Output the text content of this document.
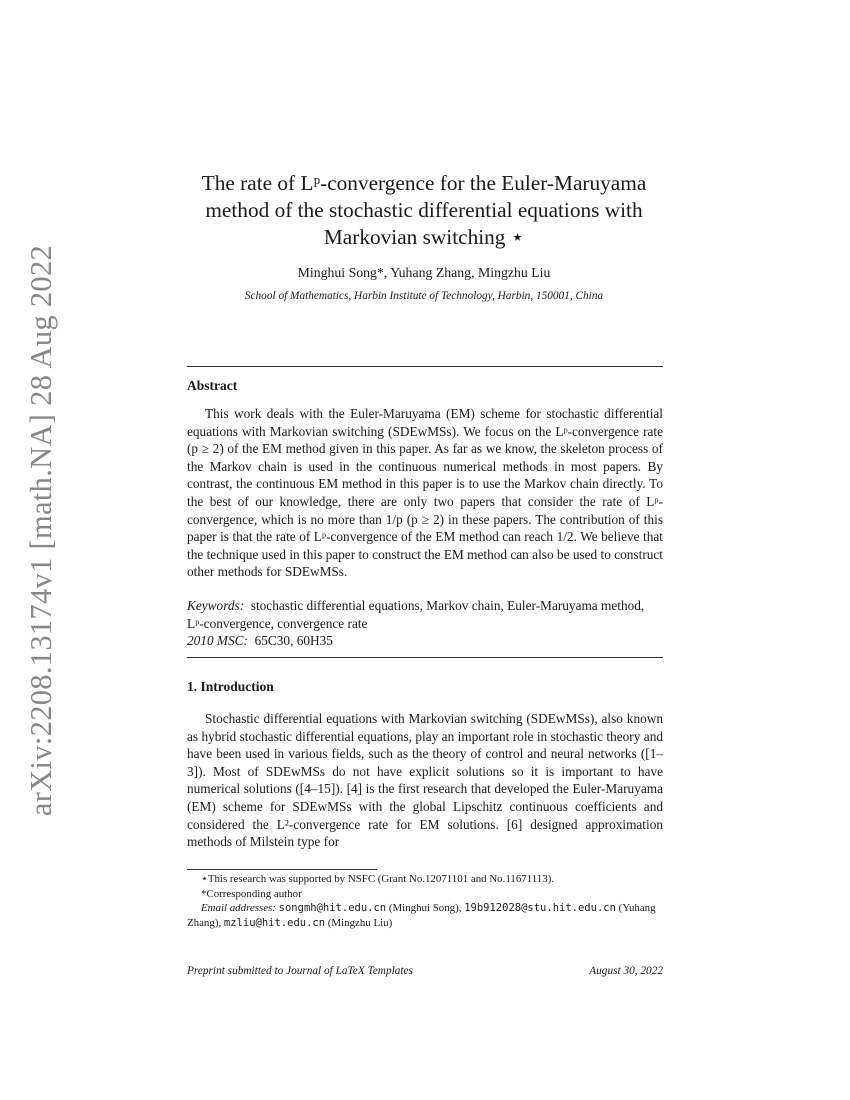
arXiv:2208.13174v1 [math.NA] 28 Aug 2022
The rate of Lᵖ-convergence for the Euler-Maruyama
method of the stochastic differential equations with
Markovian switching ⋆
Minghui Song*, Yuhang Zhang, Mingzhu Liu
School of Mathematics, Harbin Institute of Technology, Harbin, 150001, China
Abstract

This work deals with the Euler-Maruyama (EM) scheme for stochastic differential equations with Markovian switching (SDEwMSs). We focus on the Lᵖ-convergence rate (p ≥ 2) of the EM method given in this paper. As far as we know, the skeleton process of the Markov chain is used in the continuous numerical methods in most papers. By contrast, the continuous EM method in this paper is to use the Markov chain directly. To the best of our knowledge, there are only two papers that consider the rate of Lᵖ-convergence, which is no more than 1/p (p ≥ 2) in these papers. The contribution of this paper is that the rate of Lᵖ-convergence of the EM method can reach 1/2. We believe that the technique used in this paper to construct the EM method can also be used to construct other methods for SDEwMSs.

Keywords: stochastic differential equations, Markov chain, Euler-Maruyama method, Lᵖ-convergence, convergence rate
2010 MSC: 65C30, 60H35

1. Introduction

Stochastic differential equations with Markovian switching (SDEwMSs), also known as hybrid stochastic differential equations, play an important role in stochastic theory and have been used in various fields, such as the theory of control and neural networks ([1–3]). Most of SDEwMSs do not have explicit solutions so it is important to have numerical solutions ([4–15]). [4] is the first research that developed the Euler-Maruyama (EM) scheme for SDEwMSs with the global Lipschitz continuous coefficients and considered the L²-convergence rate for EM solutions. [6] designed approximation methods of Milstein type for

⋆This research was supported by NSFC (Grant No.12071101 and No.11671113).
*Corresponding author
Email addresses: songmh@hit.edu.cn (Minghui Song), 19b912028@stu.hit.edu.cn (Yuhang Zhang), mzliu@hit.edu.cn (Mingzhu Liu)
Preprint submitted to Journal of LaTeX Templates	August 30, 2022
